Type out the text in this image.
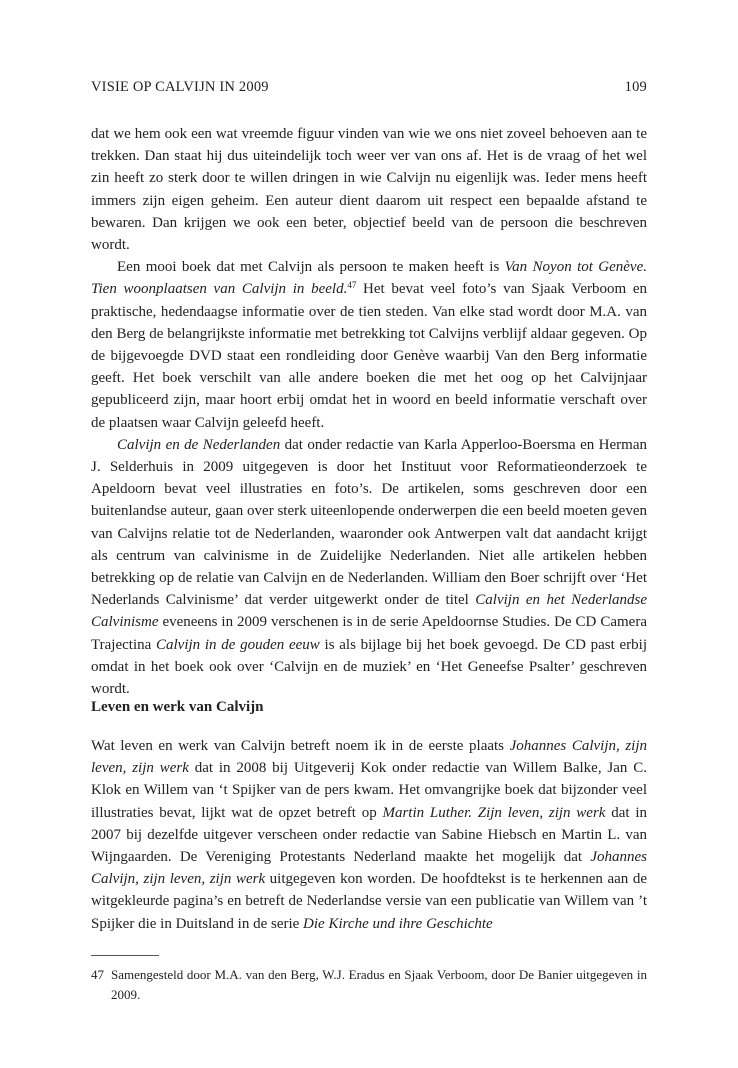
VISIE OP CALVIJN IN 2009	109

dat we hem ook een wat vreemde figuur vinden van wie we ons niet zoveel behoeven aan te trekken. Dan staat hij dus uiteindelijk toch weer ver van ons af. Het is de vraag of het wel zin heeft zo sterk door te willen dringen in wie Calvijn nu eigenlijk was. Ieder mens heeft immers zijn eigen geheim. Een auteur dient daarom uit respect een bepaalde afstand te bewaren. Dan krijgen we ook een beter, objectief beeld van de persoon die beschreven wordt.

Een mooi boek dat met Calvijn als persoon te maken heeft is Van Noyon tot Genève. Tien woonplaatsen van Calvijn in beeld.$^{47}$ Het bevat veel foto’s van Sjaak Verboom en praktische, hedendaagse informatie over de tien steden. Van elke stad wordt door M.A. van den Berg de belangrijkste informatie met betrekking tot Calvijns verblijf aldaar gegeven. Op de bijgevoegde DVD staat een rondleiding door Genève waarbij Van den Berg informatie geeft. Het boek verschilt van alle andere boeken die met het oog op het Calvijnjaar gepubliceerd zijn, maar hoort erbij omdat het in woord en beeld informatie verschaft over de plaatsen waar Calvijn geleefd heeft.

Calvijn en de Nederlanden dat onder redactie van Karla Apperloo-Boersma en Herman J. Selderhuis in 2009 uitgegeven is door het Instituut voor Reformatieonderzoek te Apeldoorn bevat veel illustraties en foto’s. De artikelen, soms geschreven door een buitenlandse auteur, gaan over sterk uiteenlopende onderwerpen die een beeld moeten geven van Calvijns relatie tot de Nederlanden, waaronder ook Antwerpen valt dat aandacht krijgt als centrum van calvinisme in de Zuidelijke Nederlanden. Niet alle artikelen hebben betrekking op de relatie van Calvijn en de Nederlanden. William den Boer schrijft over ‘Het Nederlands Calvinisme’ dat verder uitgewerkt onder de titel Calvijn en het Nederlandse Calvinisme eveneens in 2009 verschenen is in de serie Apeldoornse Studies. De CD Camera Trajectina Calvijn in de gouden eeuw is als bijlage bij het boek gevoegd. De CD past erbij omdat in het boek ook over ‘Calvijn en de muziek’ en ‘Het Geneefse Psalter’ geschreven wordt.

Leven en werk van Calvijn

Wat leven en werk van Calvijn betreft noem ik in de eerste plaats Johannes Calvijn, zijn leven, zijn werk dat in 2008 bij Uitgeverij Kok onder redactie van Willem Balke, Jan C. Klok en Willem van ‘t Spijker van de pers kwam. Het omvangrijke boek dat bijzonder veel illustraties bevat, lijkt wat de opzet betreft op Martin Luther. Zijn leven, zijn werk dat in 2007 bij dezelfde uitgever verscheen onder redactie van Sabine Hiebsch en Martin L. van Wijngaarden. De Vereniging Protestants Nederland maakte het mogelijk dat Johannes Calvijn, zijn leven, zijn werk uitgegeven kon worden. De hoofdtekst is te herkennen aan de witgekleurde pagina’s en betreft de Nederlandse versie van een publicatie van Willem van ’t Spijker die in Duitsland in de serie Die Kirche und ihre Geschichte

47 Samengesteld door M.A. van den Berg, W.J. Eradus en Sjaak Verboom, door De Banier uitgegeven in 2009.
